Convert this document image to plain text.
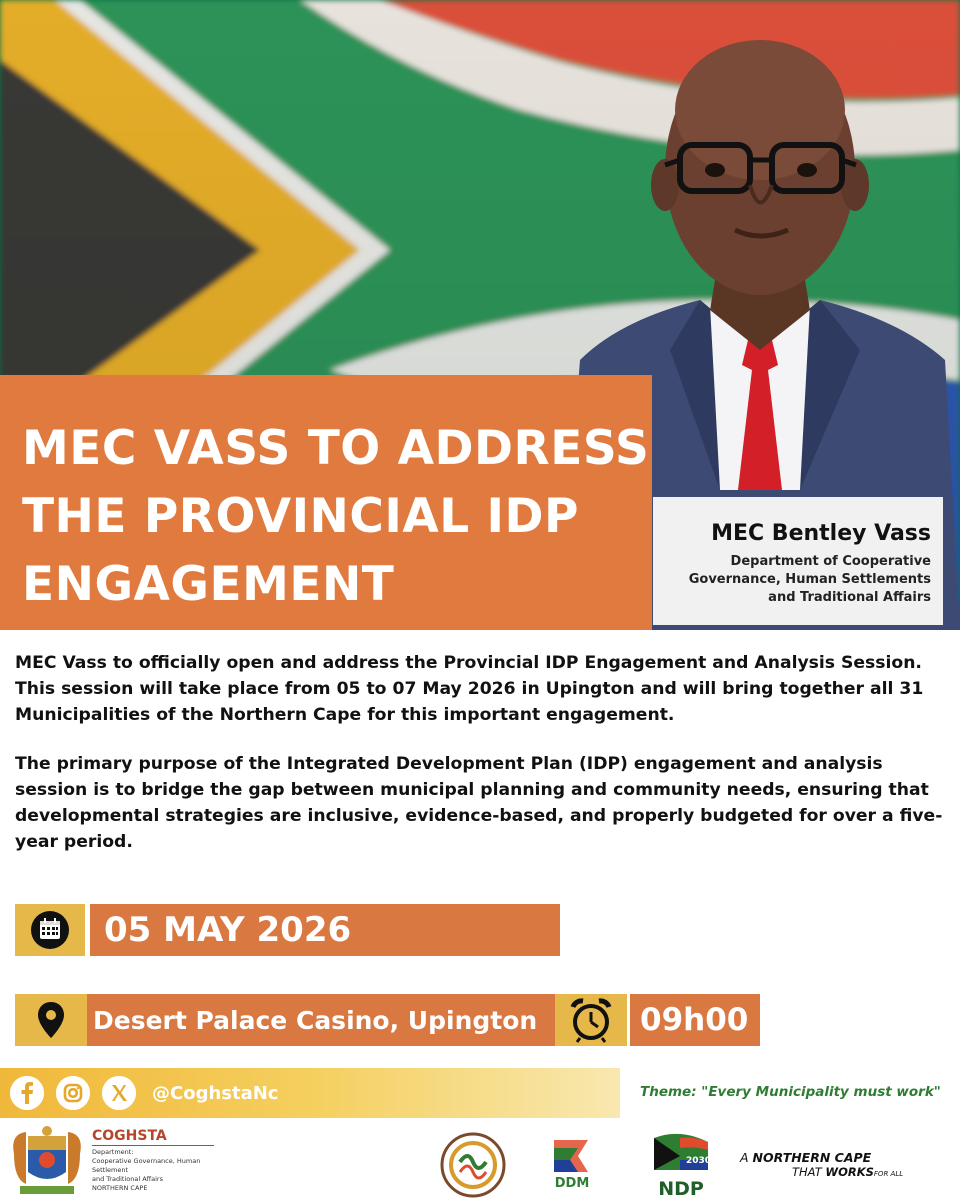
MEC VASS TO ADDRESS
THE PROVINCIAL IDP
ENGAGEMENT
MEC Bentley Vass
Department of Cooperative
Governance, Human Settlements
and Traditional Affairs

MEC Vass to officially open and address the Provincial IDP Engagement and Analysis Session. This session will take place from 05 to 07 May 2026 in Upington and will bring together all 31 Municipalities of the Northern Cape for this important engagement.

The primary purpose of the Integrated Development Plan (IDP) engagement and analysis session is to bridge the gap between municipal planning and community needs, ensuring that developmental strategies are inclusive, evidence-based, and properly budgeted for over a five-year period.

05 MAY 2026
Desert Palace Casino, Upington	09h00
@CoghstaNc	Theme: "Every Municipality must work"
COGHSTA
Department:
Cooperative Governance, Human Settlement
and Traditional Affairs
NORTHERN CAPE	DDM
2030
NDP
A NORTHERN CAPE
THAT WORKSFOR ALL
